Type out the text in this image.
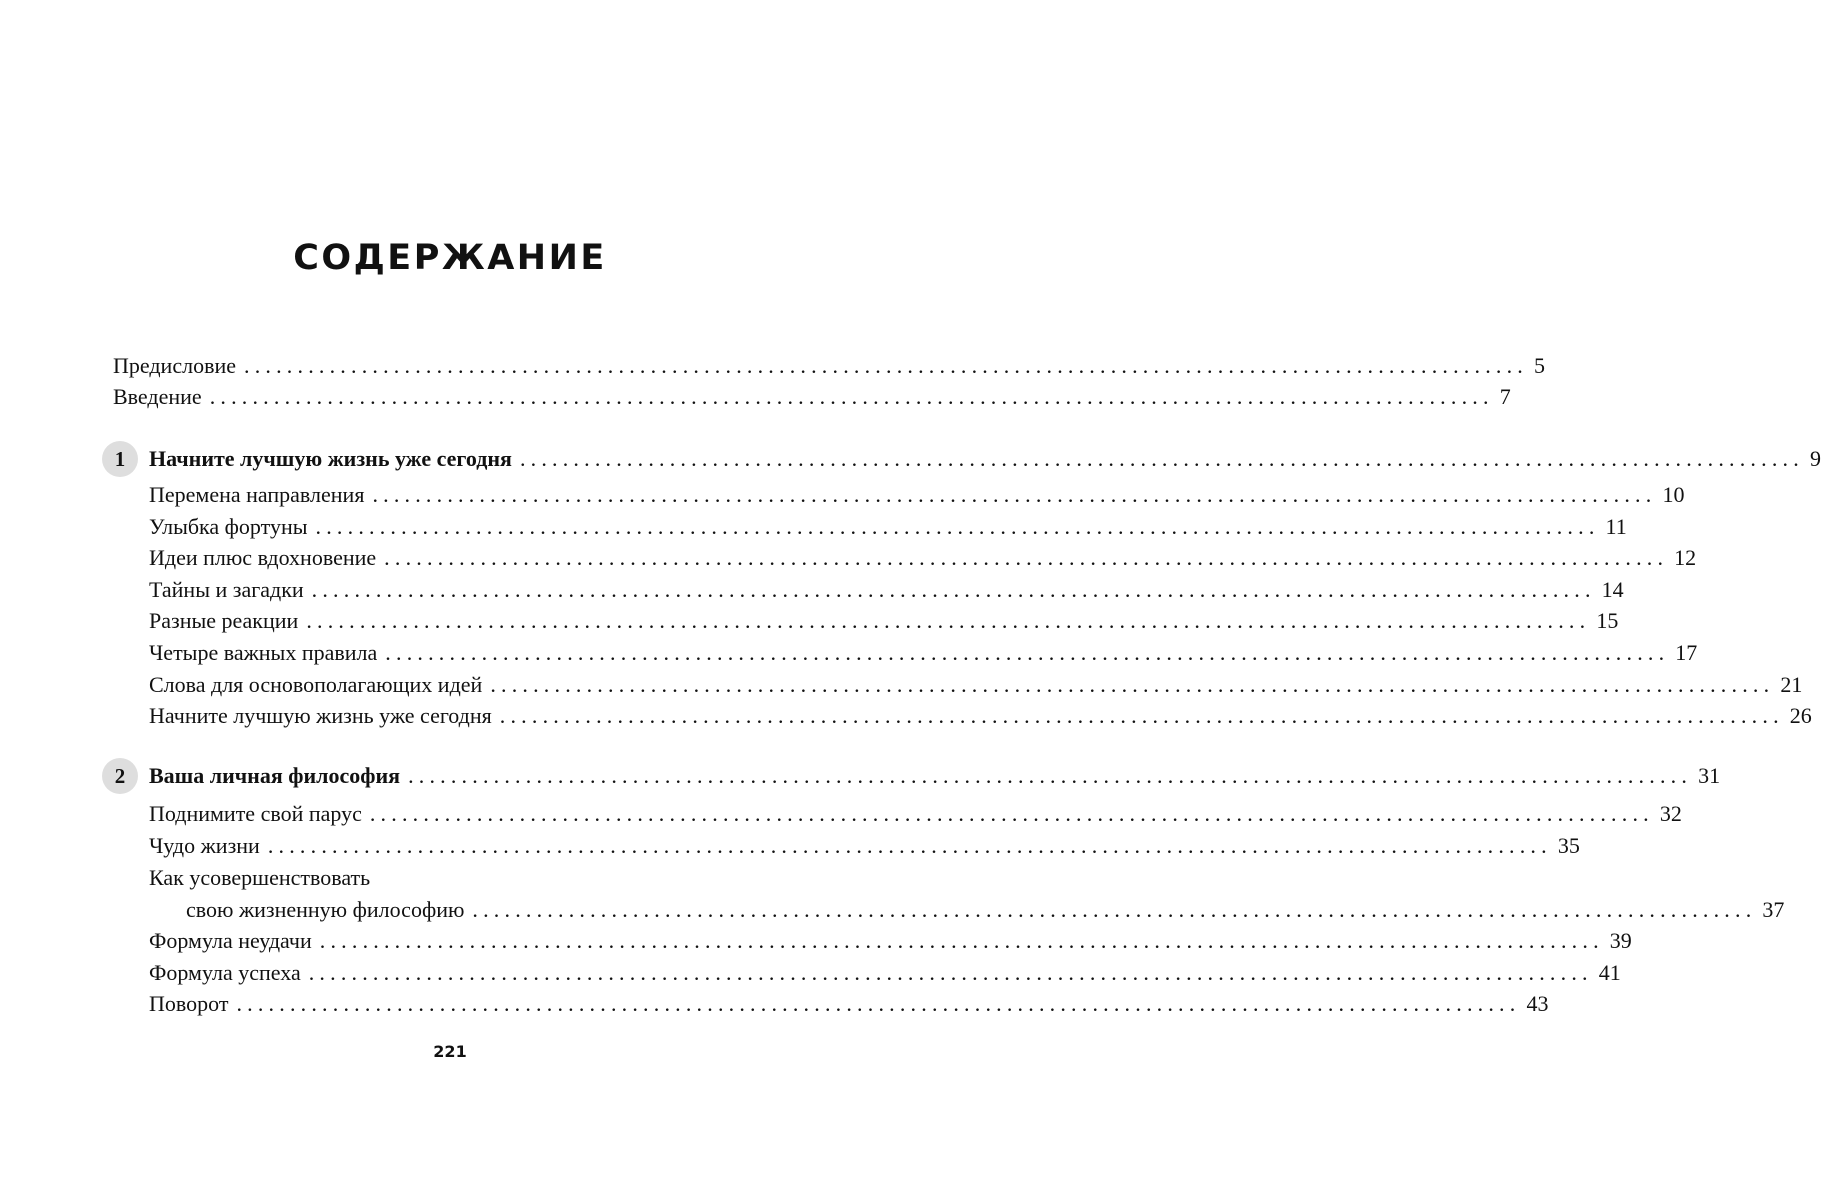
СОДЕРЖАНИЕ
Предисловие ........................................................................................................................ 5
Введение ........................................................................................................................ 7
1	Начните лучшую жизнь уже сегодня ........................................................................................................................ 9
Перемена направления ........................................................................................................................ 10
Улыбка фортуны ........................................................................................................................ 11
Идеи плюс вдохновение ........................................................................................................................ 12
Тайны и загадки ........................................................................................................................ 14
Разные реакции ........................................................................................................................ 15
Четыре важных правила ........................................................................................................................ 17
Слова для основополагающих идей ........................................................................................................................ 21
Начните лучшую жизнь уже сегодня ........................................................................................................................ 26
2	Ваша личная философия ........................................................................................................................ 31
Поднимите свой парус ........................................................................................................................ 32
Чудо жизни ........................................................................................................................ 35
Как усовершенствовать
свою жизненную философию ........................................................................................................................ 37
Формула неудачи ........................................................................................................................ 39
Формула успеха ........................................................................................................................ 41
Поворот ........................................................................................................................ 43
221
